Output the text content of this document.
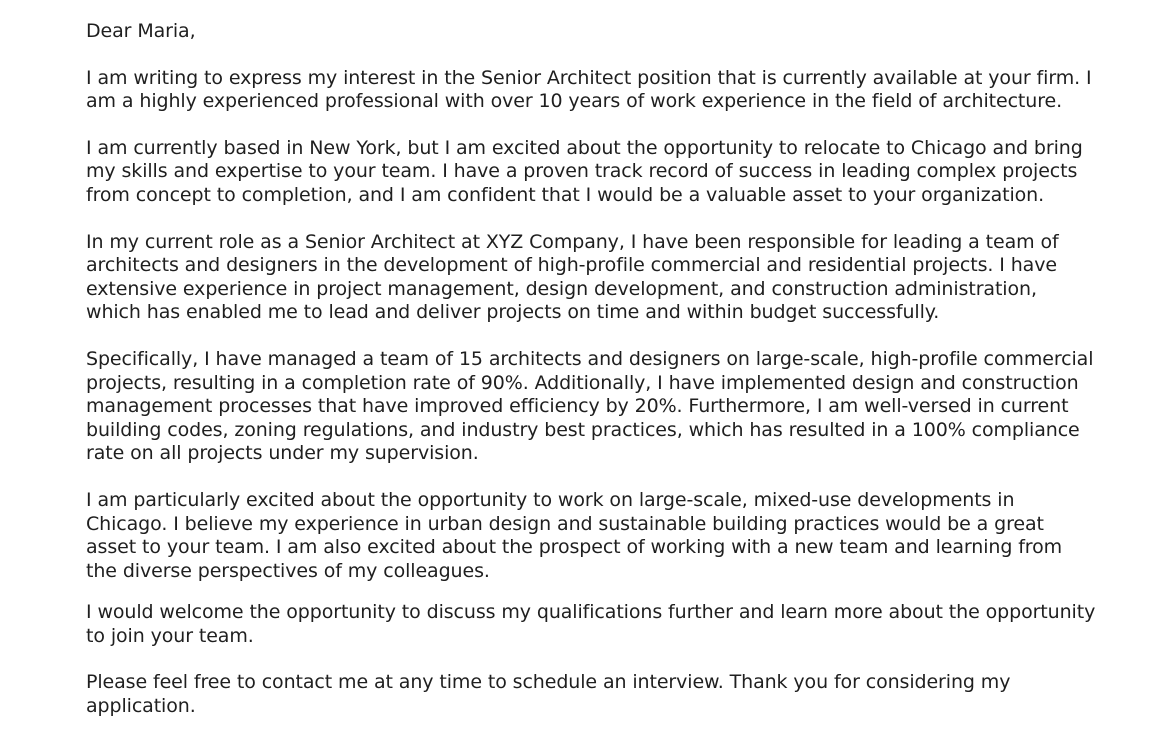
Dear Maria,

I am writing to express my interest in the Senior Architect position that is currently available at your firm. I am a highly experienced professional with over 10 years of work experience in the field of architecture.

I am currently based in New York, but I am excited about the opportunity to relocate to Chicago and bring my skills and expertise to your team. I have a proven track record of success in leading complex projects from concept to completion, and I am confident that I would be a valuable asset to your organization.

In my current role as a Senior Architect at XYZ Company, I have been responsible for leading a team of architects and designers in the development of high-profile commercial and residential projects. I have extensive experience in project management, design development, and construction administration, which has enabled me to lead and deliver projects on time and within budget successfully.

Specifically, I have managed a team of 15 architects and designers on large-scale, high-profile commercial projects, resulting in a completion rate of 90%. Additionally, I have implemented design and construction management processes that have improved efficiency by 20%. Furthermore, I am well-versed in current building codes, zoning regulations, and industry best practices, which has resulted in a 100% compliance rate on all projects under my supervision.

I am particularly excited about the opportunity to work on large-scale, mixed-use developments in Chicago. I believe my experience in urban design and sustainable building practices would be a great asset to your team. I am also excited about the prospect of working with a new team and learning from the diverse perspectives of my colleagues.

I would welcome the opportunity to discuss my qualifications further and learn more about the opportunity to join your team.

Please feel free to contact me at any time to schedule an interview. Thank you for considering my application.
